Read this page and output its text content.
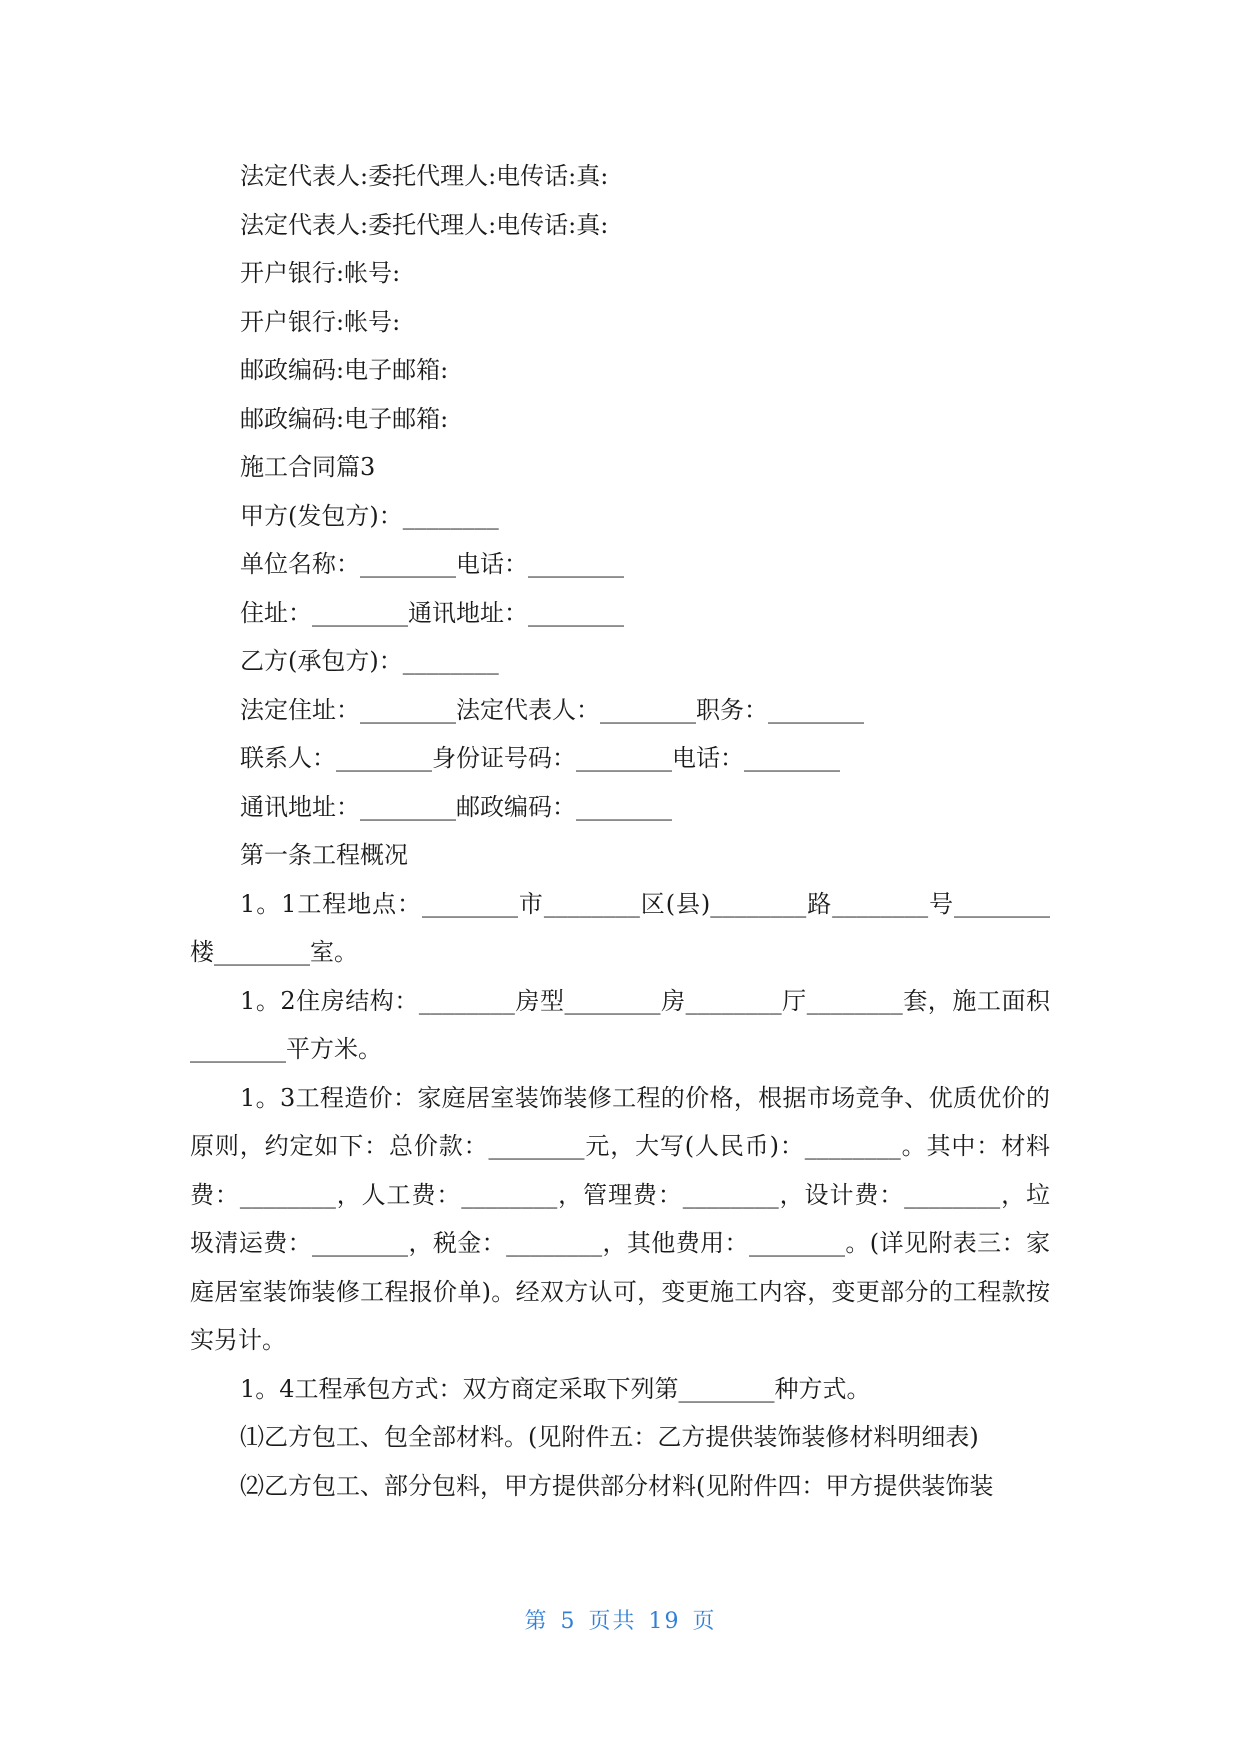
法定代表人:委托代理人:电传话:真:
法定代表人:委托代理人:电传话:真:
开户银行:帐号:
开户银行:帐号:
邮政编码:电子邮箱:
邮政编码:电子邮箱:
施工合同篇3
甲方(发包方)：________
单位名称：________电话：________
住址：________通讯地址：________
乙方(承包方)：________
法定住址：________法定代表人：________职务：________
联系人：________身份证号码：________电话：________
通讯地址：________邮政编码：________
第一条工程概况

1。1工程地点：________市________区(县)________路________号________楼________室。

1。2住房结构：________房型________房________厅________套，施工面积________平方米。

1。3工程造价：家庭居室装饰装修工程的价格，根据市场竞争、优质优价的原则，约定如下：总价款：________元，大写(人民币)：________。其中：材料费：________，人工费：________，管理费：________，设计费：________，垃圾清运费：________，税金：________，其他费用：________。(详见附表三：家庭居室装饰装修工程报价单)。经双方认可，变更施工内容，变更部分的工程款按实另计。

1。4工程承包方式：双方商定采取下列第________种方式。

⑴乙方包工、包全部材料。(见附件五：乙方提供装饰装修材料明细表)

⑵乙方包工、部分包料，甲方提供部分材料(见附件四：甲方提供装饰装

第 5 页共 19 页
